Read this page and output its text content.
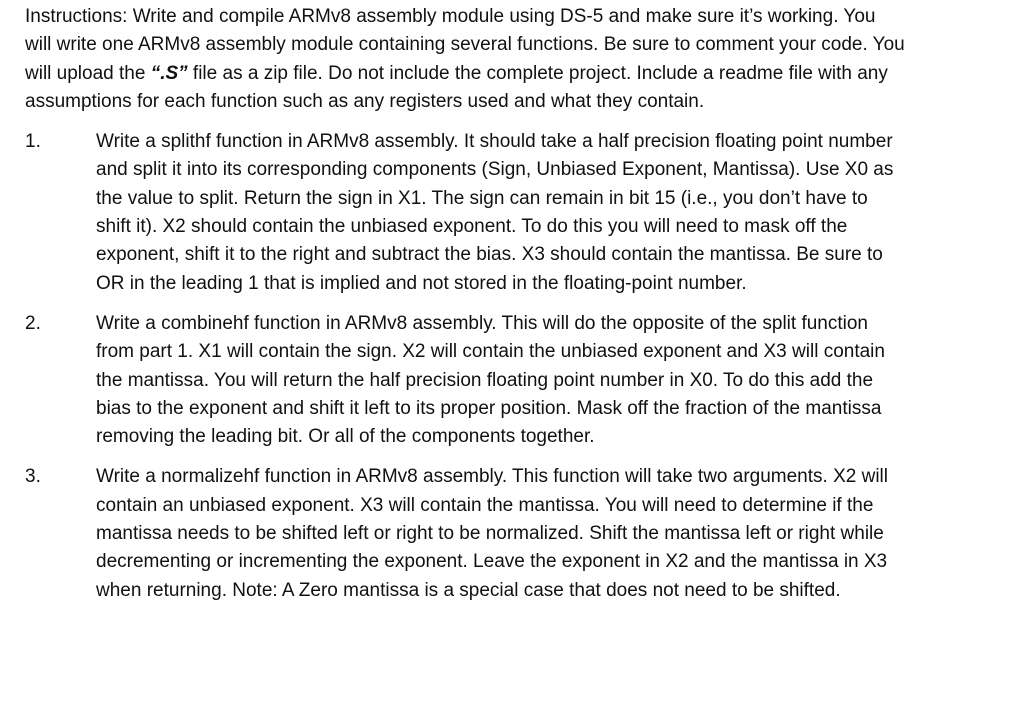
Instructions: Write and compile ARMv8 assembly module using DS-5 and make sure it’s working. You will write one ARMv8 assembly module containing several functions. Be sure to comment your code. You will upload the “.S” file as a zip file. Do not include the complete project. Include a readme file with any assumptions for each function such as any registers used and what they contain.

1.	Write a splithf function in ARMv8 assembly. It should take a half precision floating point number and split it into its corresponding components (Sign, Unbiased Exponent, Mantissa). Use X0 as the value to split. Return the sign in X1. The sign can remain in bit 15 (i.e., you don’t have to shift it). X2 should contain the unbiased exponent. To do this you will need to mask off the exponent, shift it to the right and subtract the bias. X3 should contain the mantissa. Be sure to OR in the leading 1 that is implied and not stored in the floating-point number.
2.	Write a combinehf function in ARMv8 assembly. This will do the opposite of the split function from part 1. X1 will contain the sign. X2 will contain the unbiased exponent and X3 will contain the mantissa. You will return the half precision floating point number in X0. To do this add the bias to the exponent and shift it left to its proper position. Mask off the fraction of the mantissa removing the leading bit. Or all of the components together.
3.	Write a normalizehf function in ARMv8 assembly. This function will take two arguments. X2 will contain an unbiased exponent. X3 will contain the mantissa. You will need to determine if the mantissa needs to be shifted left or right to be normalized. Shift the mantissa left or right while decrementing or incrementing the exponent. Leave the exponent in X2 and the mantissa in X3 when returning. Note: A Zero mantissa is a special case that does not need to be shifted.
